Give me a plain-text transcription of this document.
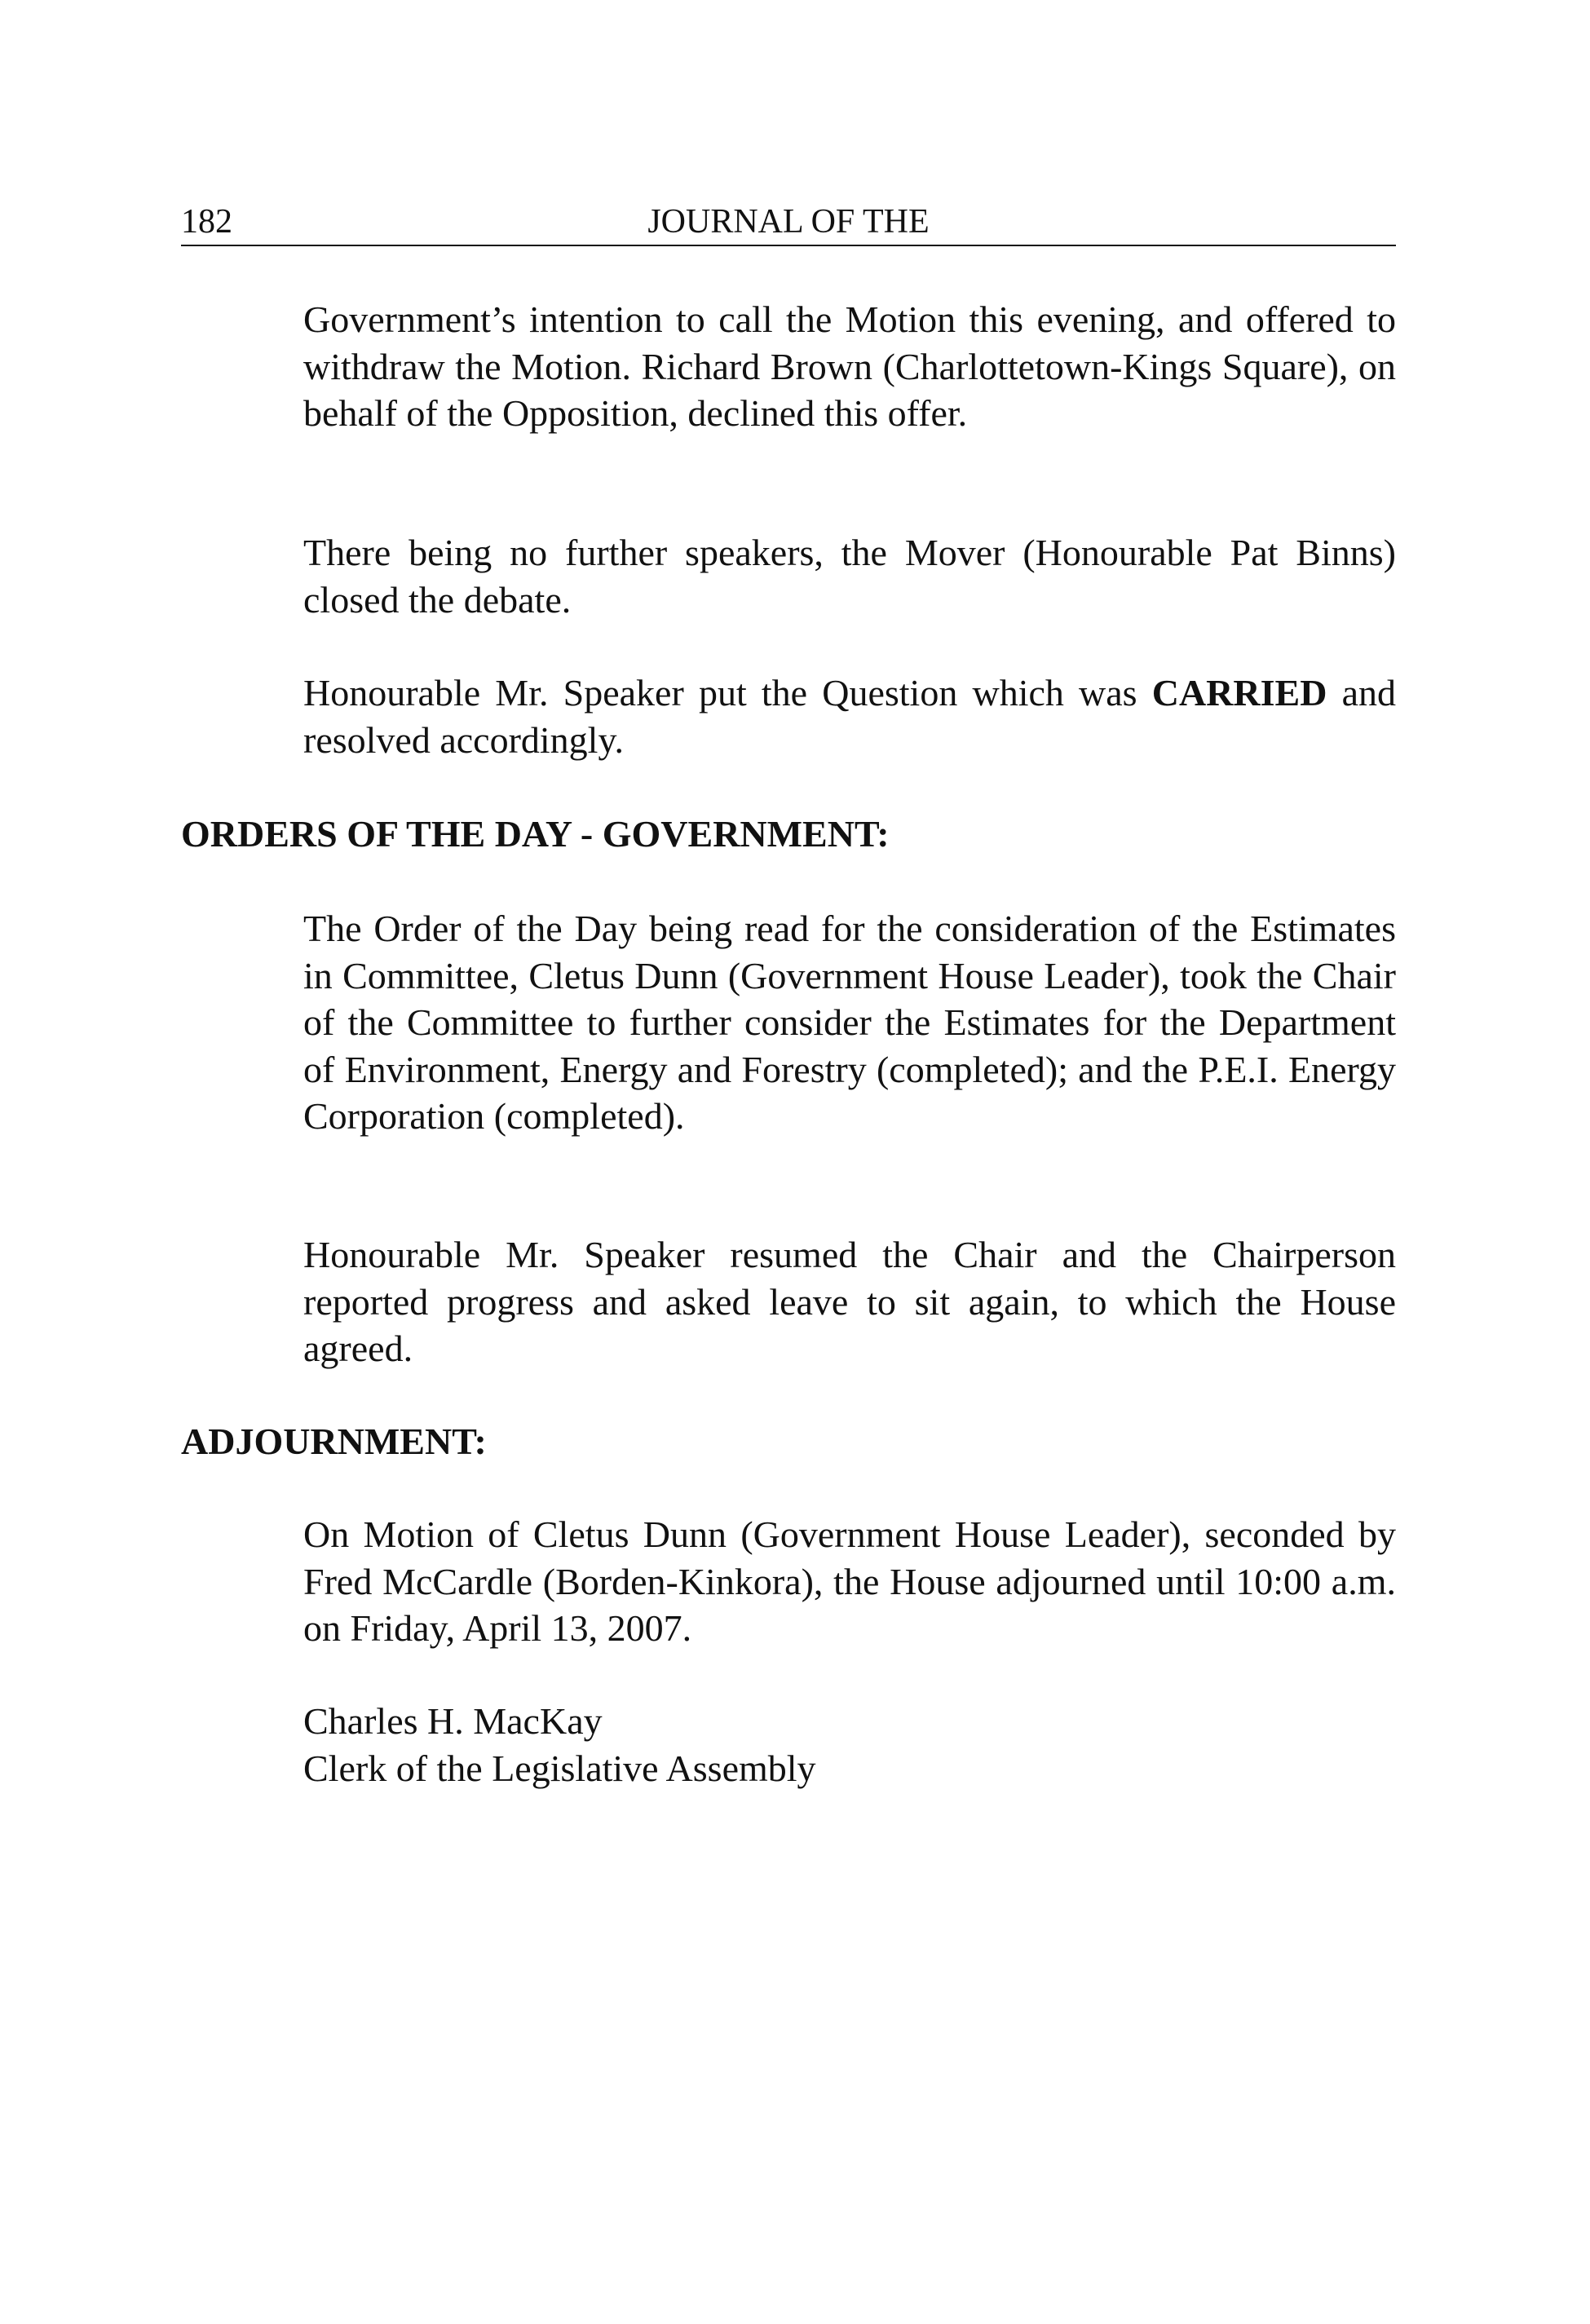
182	JOURNAL OF THE

Government’s intention to call the Motion this evening, and offered to withdraw the Motion. Richard Brown (Charlottetown-Kings Square), on behalf of the Opposition, declined this offer.

There being no further speakers, the Mover (Honourable Pat Binns) closed the debate.

Honourable Mr. Speaker put the Question which was CARRIED and resolved accordingly.

ORDERS OF THE DAY - GOVERNMENT:

The Order of the Day being read for the consideration of the Estimates in Committee, Cletus Dunn (Government House Leader), took the Chair of the Committee to further consider the Estimates for the Department of Environment, Energy and Forestry (completed); and the P.E.I. Energy Corporation (completed).

Honourable Mr. Speaker resumed the Chair and the Chairperson reported progress and asked leave to sit again, to which the House agreed.

ADJOURNMENT:

On Motion of Cletus Dunn (Government House Leader), seconded by Fred McCardle (Borden-Kinkora), the House adjourned until 10:00 a.m. on Friday, April 13, 2007.

Charles H. MacKay
Clerk of the Legislative Assembly
